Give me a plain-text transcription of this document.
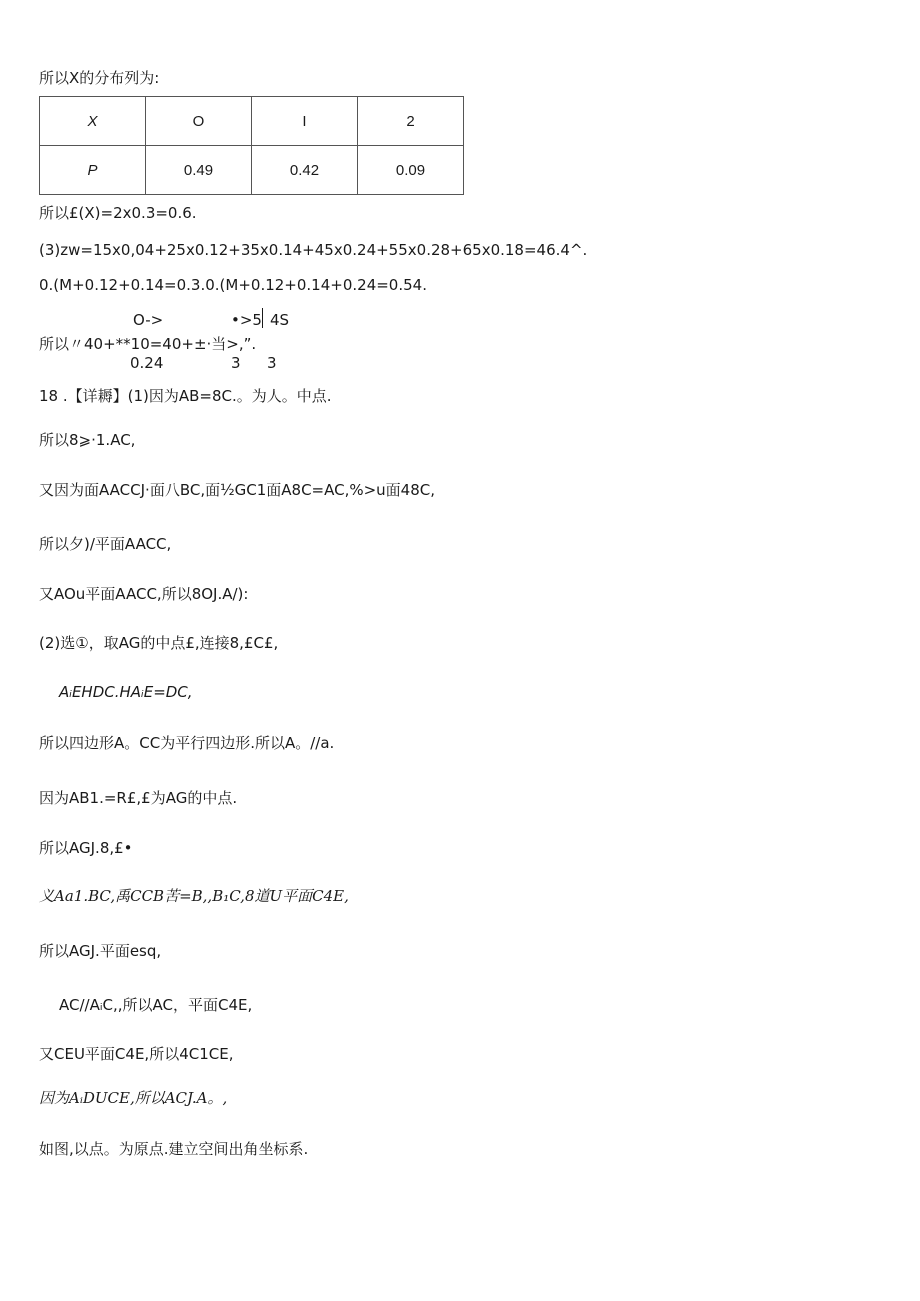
所以X的分布列为:
X	O	I	2
P	0.49	0.42	0.09
所以£(X)=2x0.3=0.6.
(3)zw=15x0,04+25x0.12+35x0.14+45x0.24+55x0.28+65x0.18=46.4^.
0.(M+0.12+0.14=0.3.0.(M+0.12+0.14+0.24=0.54.
O->	•>5 4S
所以〃40+**10=40+±·当>,”.
0.24	3 3
18 .【详耨】(1)因为AB=8C.。为人。中点.
所以8⩾·1.AC,
又因为面AACCJ·面八BC,面½GC1面A8C=AC,%>u面48C,
所以夕)/平面AACC,
又AOu平面AACC,所以8OJ.A/):
(2)选①，取AG的中点£,连接8,£C£,
AᵢEHDC.HAᵢE=DC,
所以四边形A。CC为平行四边形.所以A。//a.
因为AB1.=R£,£为AG的中点.
所以AGJ.8,£•
义Aa1.BC,禹CCB苦=B,,B₁C,8道U平面C4E,
所以AGJ.平面esq,
AC//AᵢC,,所以AC，平面C4E,
又CEU平面C4E,所以4C1CE,
因为AᵢDUCE,所以ACJ.A。,
如图,以点。为原点.建立空间出角坐标系.
